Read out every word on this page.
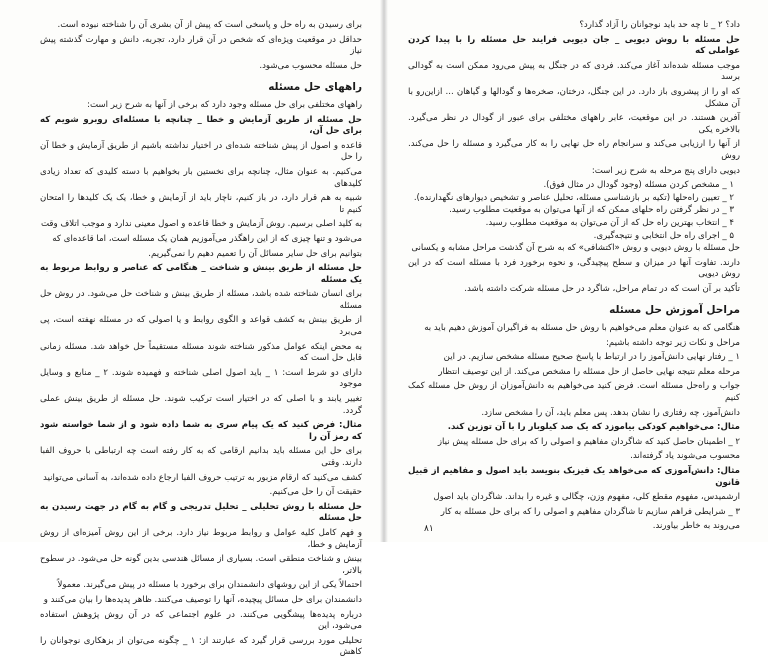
برای رسیدن به راه حل و پاسخی است که پیش از آن بشری آن را شناخته نبوده است.

حداقل در موقعیت ویژه‌ای که شخص در آن قرار دارد، تجربه، دانش و مهارت گذشته پیش نیاز

حل مسئله محسوب می‌شود.

راههای حل مسئله

راههای مختلفی برای حل مسئله وجود دارد که برخی از آنها به شرح زیر است:

حل مسئله از طریق آزمایش و خطا _ چنانچه با مسئله‌ای روبرو شویم که برای حل آن،

قاعده و اصول از پیش شناخته شده‌ای در اختیار نداشته باشیم از طریق آزمایش و خطا آن را حل

می‌کنیم. به عنوان مثال، چنانچه برای نخستین بار بخواهیم با دسته کلیدی که تعداد زیادی کلیدهای

شبیه به هم قرار دارد، در باز کنیم، ناچار باید از آزمایش و خطا، یک یک کلیدها را امتحان کنیم تا

به کلید اصلی برسیم. روش آزمایش و خطا قاعده و اصول معینی ندارد و موجب اتلاف وقت

می‌شود و تنها چیزی که از این راهگذر می‌آموزیم همان یک مسئله است، اما قاعده‌ای که

بتوانیم برای حل سایر مسائل آن را تعمیم دهیم را نمی‌گیریم.

حل مسئله از طریق بینش و شناخت _ هنگامی که عناصر و روابط مربوط به یک مسئله

برای انسان شناخته شده باشد، مسئله از طریق بینش و شناخت حل می‌شود. در روش حل مسئله

از طریق بینش به کشف قواعد و الگوی روابط و یا اصولی که در مسئله نهفته است، پی می‌برد

به محض اینکه عوامل مذکور شناخته شوند مسئله مستقیماً حل خواهد شد. مسئله زمانی قابل حل است که

دارای دو شرط است: ۱ _ باید اصول اصلی شناخته و فهمیده شوند. ۲ _ منابع و وسایل موجود

تغییر یابند و با اصلی که در اختیار است ترکیب شوند. حل مسئله از طریق بینش عملی گردد.

مثال: فرض کنید که یک پیام سری به شما داده شود و از شما خواسته شود که رمز آن را

برای حل این مسئله باید بدانیم ارقامی که به کار رفته است چه ارتباطی با حروف الفبا دارند. وقتی

کشف می‌کنید که ارقام مزبور به ترتیب حروف الفبا ارجاع داده شده‌اند، به آسانی می‌توانید

حقیقت آن را حل می‌کنیم.

حل مسئله با روش تحلیلی _ تحلیل تدریجی و گام به گام در جهت رسیدن به حل مسئله

و فهم کامل کلیه عوامل و روابط مربوط نیاز دارد. برخی از این روش آمیزه‌ای از روش آزمایش و خطا،

بینش و شناخت منطقی است. بسیاری از مسائل هندسی بدین گونه حل می‌شود. در سطوح بالاتر،

احتمالاً یکی از این روشهای دانشمندان برای برخورد با مسئله در پیش می‌گیرند. معمولاً

دانشمندان برای حل مسائل پیچیده، آنها را توصیف می‌کنند. ظاهر پدیده‌ها را بیان می‌کنند و

درباره پدیده‌ها پیشگویی می‌کنند. در علوم اجتماعی که در آن روش پژوهش استفاده می‌شود، این

تحلیلی مورد بررسی قرار گیرد که عبارتند از: ۱ _ چگونه می‌توان از بزهکاری نوجوانان را کاهش

داد؟ ۲ _ تا چه حد باید نوجوانان را آزاد گذارد؟

حل مسئله با روش دیویی _ جان دیویی فرایند حل مسئله را با پیدا کردن عواملی که

موجب مسئله شده‌اند آغاز می‌کند. فردی که در جنگل به پیش می‌رود ممکن است به گودالی برسد

که او را از پیشروی باز دارد. در این جنگل، درختان، صخره‌ها و گودالها و گیاهان ... ازاین‌رو با آن مشکل

آفرین هستند. در این موقعیت، عابر راههای مختلفی برای عبور از گودال در نظر می‌گیرد. بالاخره یکی

از آنها را ارزیابی می‌کند و سرانجام راه حل نهایی را به کار می‌گیرد و مسئله را حل می‌کند. روش

دیویی دارای پنج مرحله به شرح زیر است:

۱ _ مشخص کردن مسئله (وجود گودال در مثال فوق).

۲ _ تعیین راه‌حلها (تکیه بر بازشناسی مسئله، تحلیل عناصر و تشخیص دیوارهای نگهدارنده).

۳ _ در نظر گرفتن راه حلهای ممکن که از آنها می‌توان به موقعیت مطلوب رسید.

۴ _ انتخاب بهترین راه حل که از آن می‌توان به موقعیت مطلوب رسید.

۵ _ اجرای راه حل انتخابی و نتیجه‌گیری.

حل مسئله با روش دیویی و روش «اکتشافی» که به شرح آن گذشت مراحل مشابه و یکسانی

دارند. تفاوت آنها در میزان و سطح پیچیدگی، و نحوه برخورد فرد با مسئله است که در این روش دیویی

تأکید بر آن است که در تمام مراحل، شاگرد در حل مسئله شرکت داشته باشد.

مراحل آموزش حل مسئله

هنگامی که به عنوان معلم می‌خواهیم با روش حل مسئله به فراگیران آموزش دهیم باید به

مراحل و نکات زیر توجه داشته باشیم:

۱ _ رفتار نهایی دانش‌آموز را در ارتباط با پاسخ صحیح مسئله مشخص سازیم. در این

مرحله معلم نتیجه نهایی حاصل از حل مسئله را مشخص می‌کند. از این توصیف انتظار

جواب و راه‌حل مسئله است. فرض کنید می‌خواهیم به دانش‌آموزان از روش حل مسئله کمک کنیم

دانش‌آموز، چه رفتاری را نشان بدهد. پس معلم باید، آن را مشخص سازد.

مثال: می‌خواهیم کودکی بیاموزد که یک صد کیلوبار را با آن توزین کند.

۲ _ اطمینان حاصل کنید که شاگردان مفاهیم و اصولی را که برای حل مسئله پیش نیاز

محسوب می‌شوند یاد گرفته‌اند.

مثال: دانش‌آموزی که می‌خواهد یک فیزیک بنویسد باید اصول و مفاهیم از قبیل قانون

ارشمیدس، مفهوم مقطع کلی، مفهوم وزن، چگالی و غیره را بداند. شاگردان باید اصول

۳ _ شرایطی فراهم سازیم تا شاگردان مفاهیم و اصولی را که برای حل مسئله به کار

می‌روند به خاطر بیاورند.

۸۱
